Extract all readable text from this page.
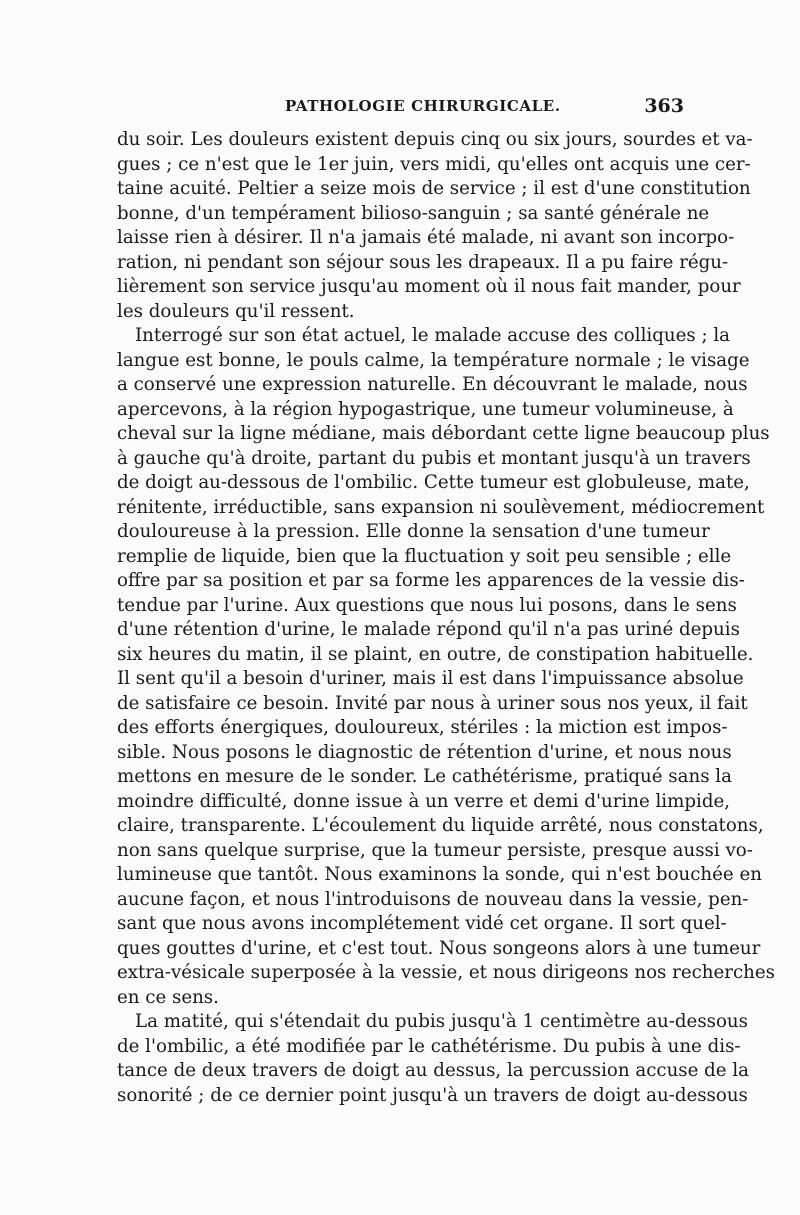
PATHOLOGIE CHIRURGICALE.	363
du soir. Les douleurs existent depuis cinq ou six jours, sourdes et va-
gues ; ce n'est que le 1er juin, vers midi, qu'elles ont acquis une cer-
taine acuité. Peltier a seize mois de service ; il est d'une constitution
bonne, d'un tempérament bilioso-sanguin ; sa santé générale ne
laisse rien à désirer. Il n'a jamais été malade, ni avant son incorpo-
ration, ni pendant son séjour sous les drapeaux. Il a pu faire régu-
lièrement son service jusqu'au moment où il nous fait mander, pour
les douleurs qu'il ressent.
Interrogé sur son état actuel, le malade accuse des colliques ; la
langue est bonne, le pouls calme, la température normale ; le visage
a conservé une expression naturelle. En découvrant le malade, nous
apercevons, à la région hypogastrique, une tumeur volumineuse, à
cheval sur la ligne médiane, mais débordant cette ligne beaucoup plus
à gauche qu'à droite, partant du pubis et montant jusqu'à un travers
de doigt au-dessous de l'ombilic. Cette tumeur est globuleuse, mate,
rénitente, irréductible, sans expansion ni soulèvement, médiocrement
douloureuse à la pression. Elle donne la sensation d'une tumeur
remplie de liquide, bien que la fluctuation y soit peu sensible ; elle
offre par sa position et par sa forme les apparences de la vessie dis-
tendue par l'urine. Aux questions que nous lui posons, dans le sens
d'une rétention d'urine, le malade répond qu'il n'a pas uriné depuis
six heures du matin, il se plaint, en outre, de constipation habituelle.
Il sent qu'il a besoin d'uriner, mais il est dans l'impuissance absolue
de satisfaire ce besoin. Invité par nous à uriner sous nos yeux, il fait
des efforts énergiques, douloureux, stériles : la miction est impos-
sible. Nous posons le diagnostic de rétention d'urine, et nous nous
mettons en mesure de le sonder. Le cathétérisme, pratiqué sans la
moindre difficulté, donne issue à un verre et demi d'urine limpide,
claire, transparente. L'écoulement du liquide arrêté, nous constatons,
non sans quelque surprise, que la tumeur persiste, presque aussi vo-
lumineuse que tantôt. Nous examinons la sonde, qui n'est bouchée en
aucune façon, et nous l'introduisons de nouveau dans la vessie, pen-
sant que nous avons incomplétement vidé cet organe. Il sort quel-
ques gouttes d'urine, et c'est tout. Nous songeons alors à une tumeur
extra-vésicale superposée à la vessie, et nous dirigeons nos recherches
en ce sens.
La matité, qui s'étendait du pubis jusqu'à 1 centimètre au-dessous
de l'ombilic, a été modifiée par le cathétérisme. Du pubis à une dis-
tance de deux travers de doigt au dessus, la percussion accuse de la
sonorité ; de ce dernier point jusqu'à un travers de doigt au-dessous
